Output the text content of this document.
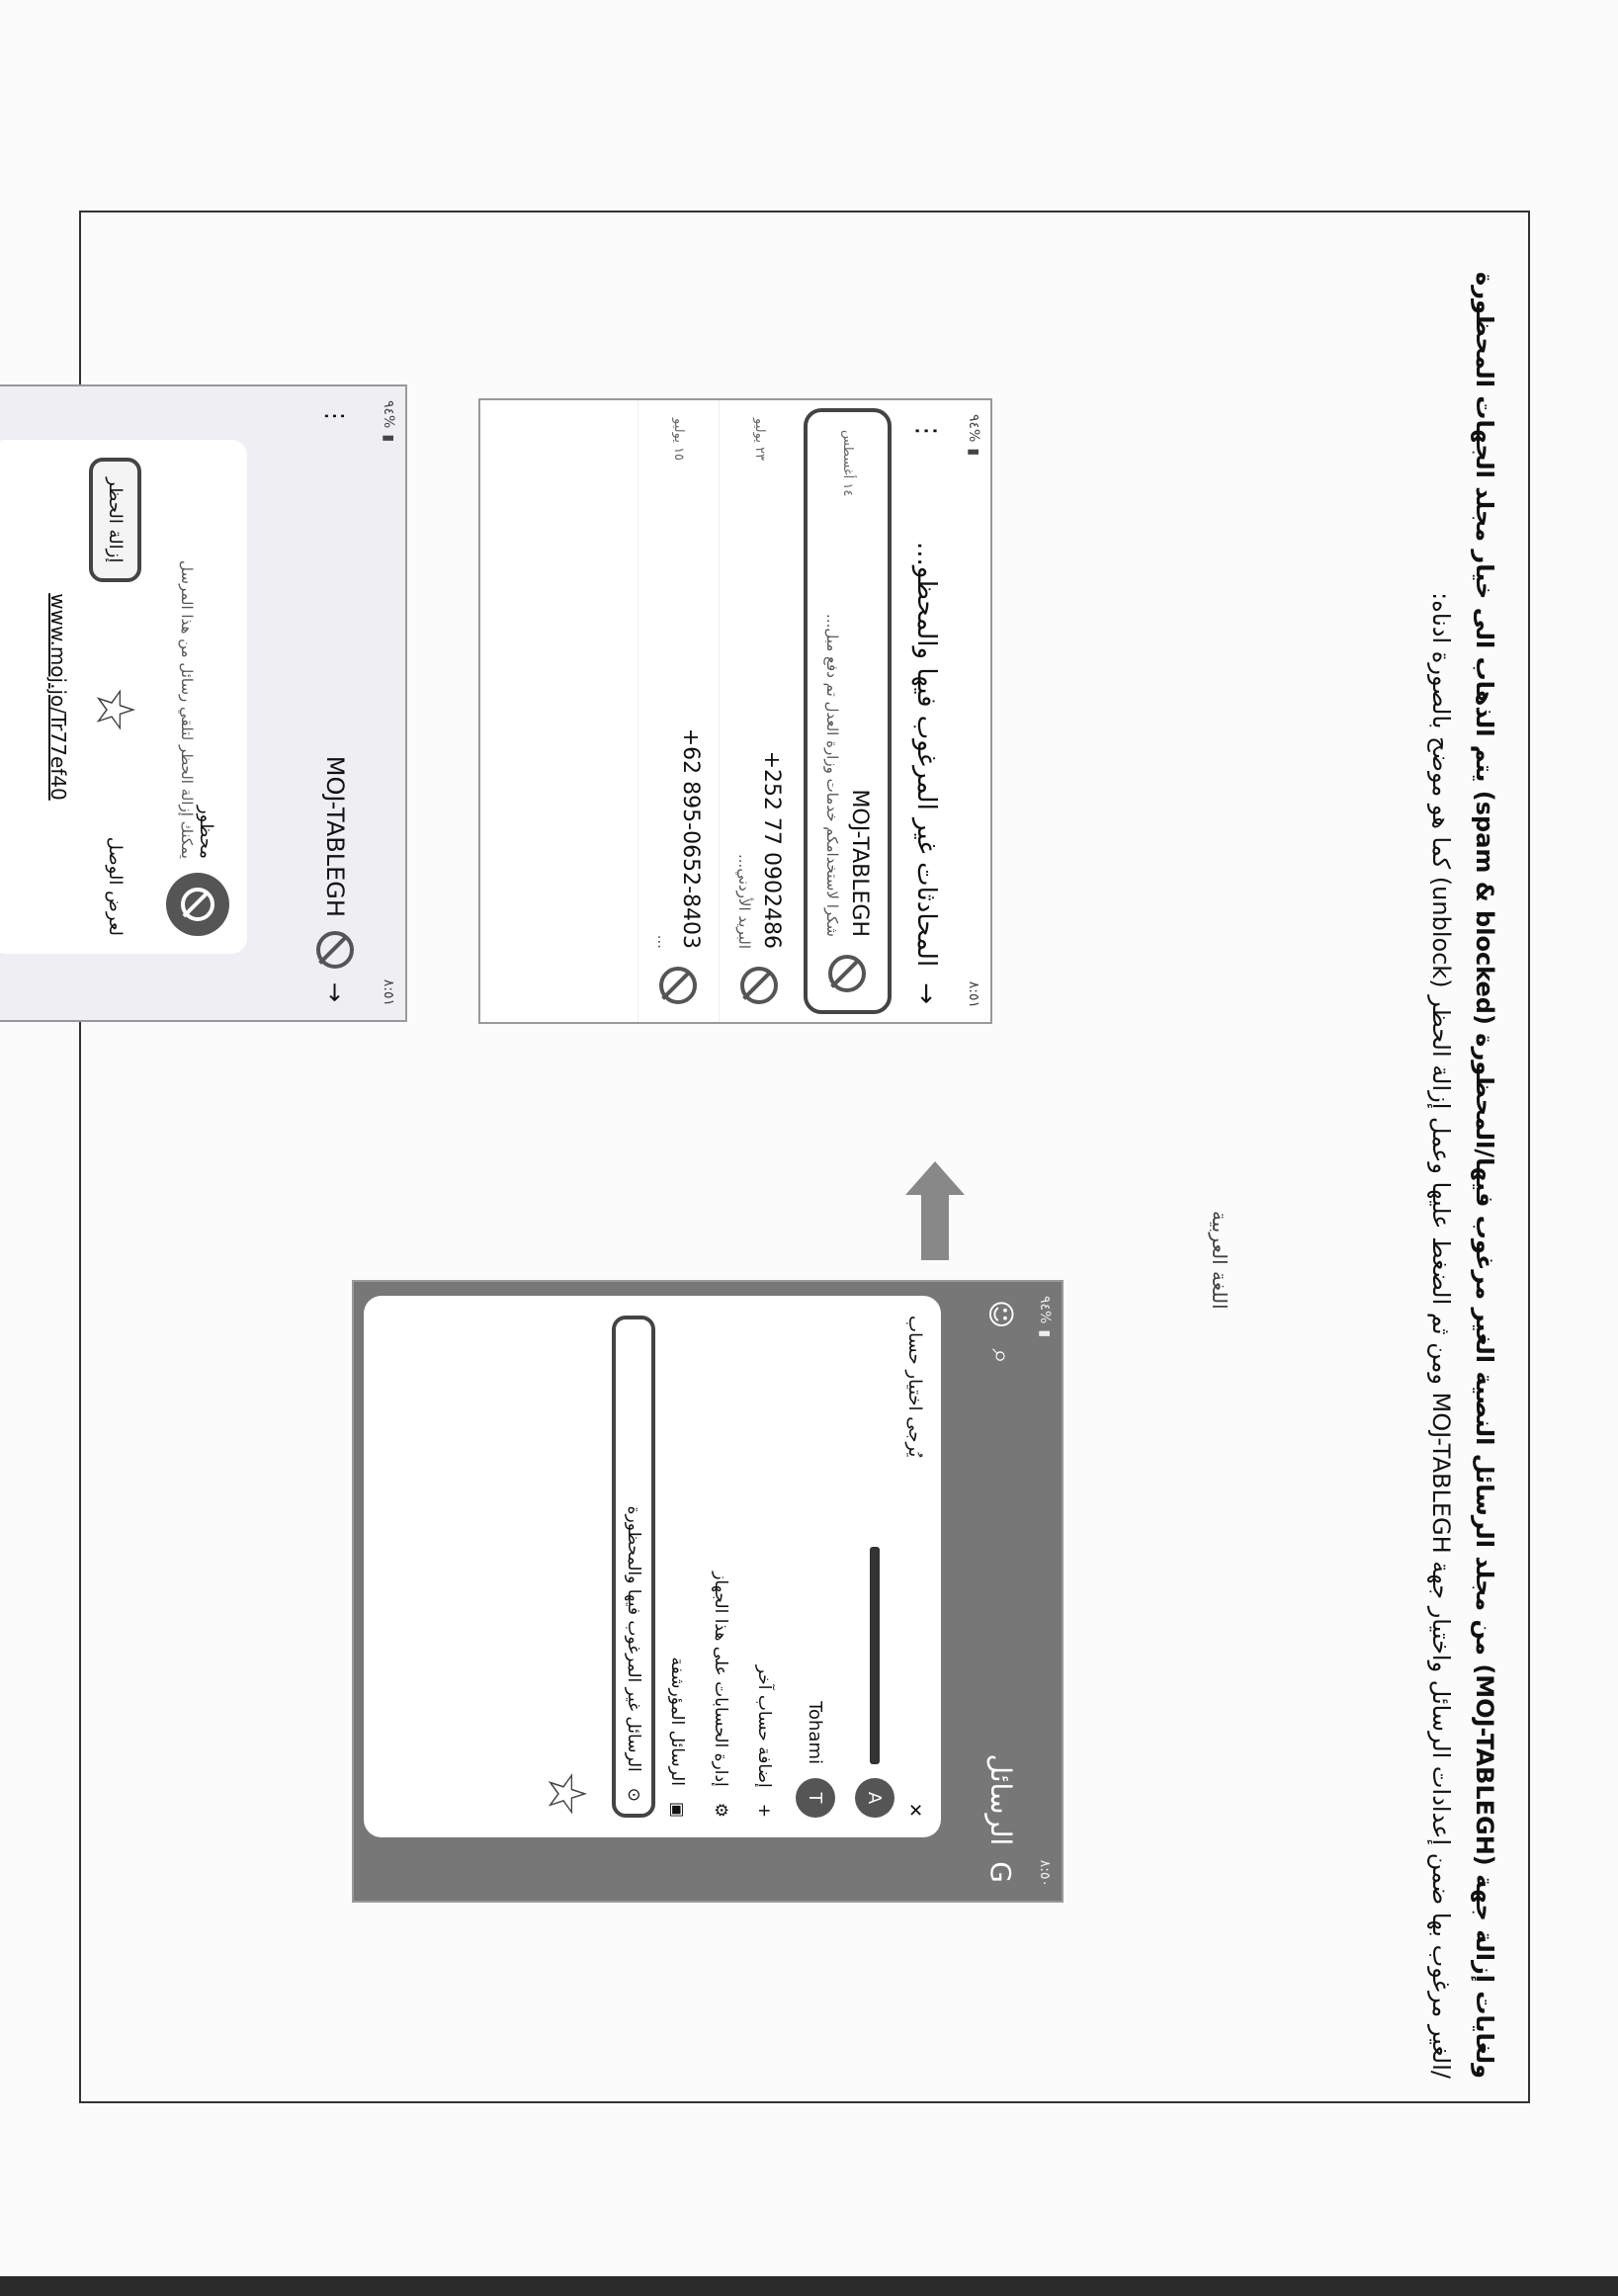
ولغايات إزالة جهة (MOJ-TABLEGH) من مجلد الرسائل النصية الغير مرغوب فيها/المحظورة (spam & blocked) يتم الذهاب الى خيار مجلد الجهات المحظورة
/الغير مرغوب بها ضمن إعدادات الرسائل واختيار جهة MOJ-TABLEGH ومن ثم الضغط عليها وعمل إزالة الحظر (unblock) كما هو موضح بالصورة ادناه:
اللغة العربية
٨:٥١
▮
%٩٤
→
المحادثات غير المرغوب فيها والمحظو...
⋮
MOJ-TABLEGH
شكرا لاستخدامكم خدمات وزارة العدل تم دفع مبل...
١٤ أغسطس
+252 77 0902486
البريد الأردني...
٢٣ يوليو
+62 895-0652-8403
...
١٥ يوليو
٨:٥١
▮
%٩٤
→
MOJ-TABLEGH
⋮
محظور
يمكنك إزالة الحظر لتلقي رسائل من هذا المرسل
لعرض الوصل
☆
إزالة الحظر
www.moj.jo/Tr77ef40
٨:٥٠
▮
%٩٤
G
الرسائل
⌕
☺
✕
يُرجى اختيار حساب
A
T
Tohami
+
إضافة حساب آخر
⚙
إدارة الحسابات على هذا الجهاز
▣
الرسائل المؤرشفة
⊙
الرسائل غير المرغوب فيها والمحظورة
☆
